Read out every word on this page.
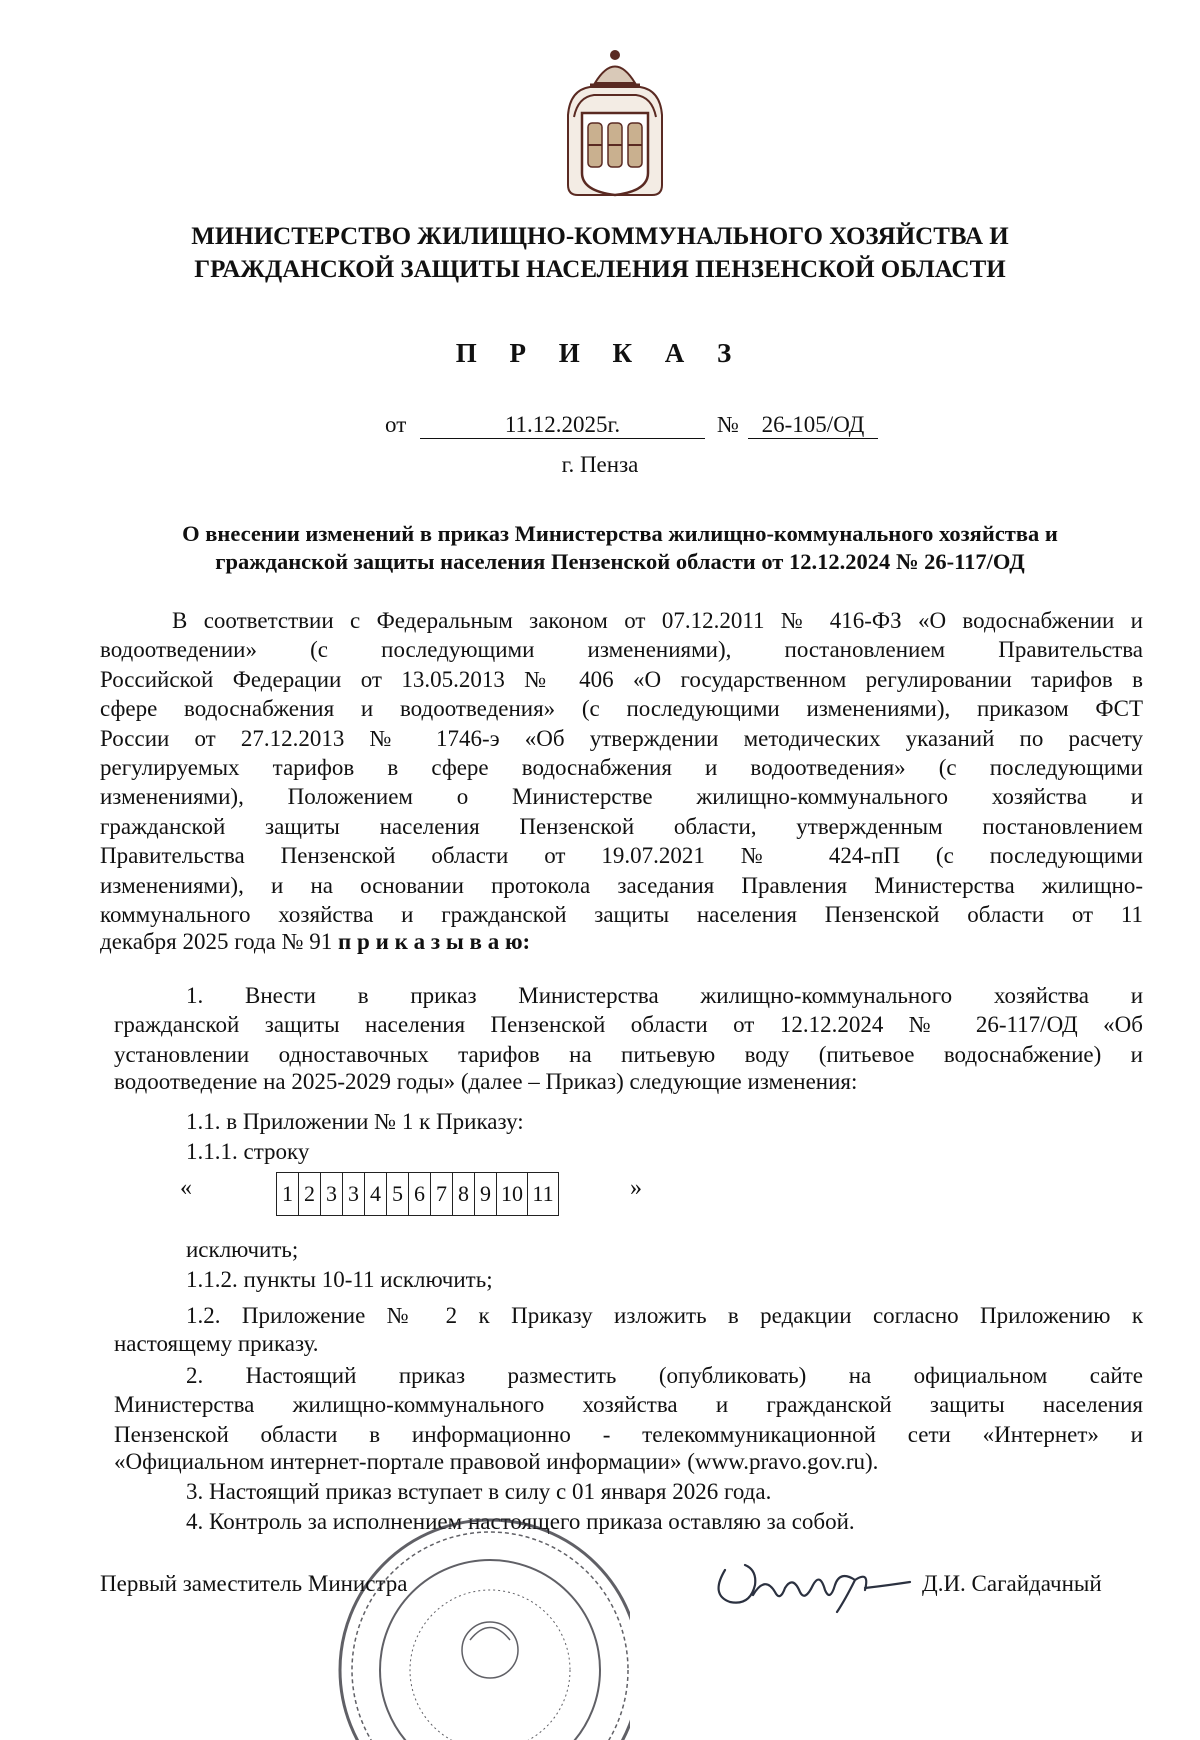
МИНИСТЕРСТВО ЖИЛИЩНО-КОММУНАЛЬНОГО ХОЗЯЙСТВА И
ГРАЖДАНСКОЙ ЗАЩИТЫ НАСЕЛЕНИЯ ПЕНЗЕНСКОЙ ОБЛАСТИ
П Р И К А З
от	11.12.2025г.	№ 26-105/ОД
г. Пенза
О внесении изменений в приказ Министерства жилищно-коммунального хозяйства и
гражданской защиты населения Пензенской области от 12.12.2024 № 26-117/ОД
В соответствии с Федеральным законом от 07.12.2011 № 416-ФЗ «О водоснабжении и
водоотведении» (с последующими изменениями), постановлением Правительства
Российской Федерации от 13.05.2013 № 406 «О государственном регулировании тарифов в
сфере водоснабжения и водоотведения» (с последующими изменениями), приказом ФСТ
России от 27.12.2013 № 1746-э «Об утверждении методических указаний по расчету
регулируемых тарифов в сфере водоснабжения и водоотведения» (с последующими
изменениями), Положением о Министерстве жилищно-коммунального хозяйства и
гражданской защиты населения Пензенской области, утвержденным постановлением
Правительства Пензенской области от 19.07.2021 № 424-пП (с последующими
изменениями), и на основании протокола заседания Правления Министерства жилищно-
коммунального хозяйства и гражданской защиты населения Пензенской области от 11
декабря 2025 года № 91 п р и к а з ы в а ю:
1. Внести в приказ Министерства жилищно-коммунального хозяйства и
гражданской защиты населения Пензенской области от 12.12.2024 № 26-117/ОД «Об
установлении одноставочных тарифов на питьевую воду (питьевое водоснабжение) и
водоотведение на 2025-2029 годы» (далее – Приказ) следующие изменения:
1.1. в Приложении № 1 к Приказу:
1.1.1. строку
«	1	2	3	3	4	5	6	7	8	9	10	11	»
исключить;
1.1.2. пункты 10-11 исключить;
1.2. Приложение № 2 к Приказу изложить в редакции согласно Приложению к
настоящему приказу.
2. Настоящий приказ разместить (опубликовать) на официальном сайте
Министерства жилищно-коммунального хозяйства и гражданской защиты населения
Пензенской области в информационно - телекоммуникационной сети «Интернет» и
«Официальном интернет-портале правовой информации» (www.pravo.gov.ru).
3. Настоящий приказ вступает в силу с 01 января 2026 года.
4. Контроль за исполнением настоящего приказа оставляю за собой.
Первый заместитель Министра	Д.И. Сагайдачный
